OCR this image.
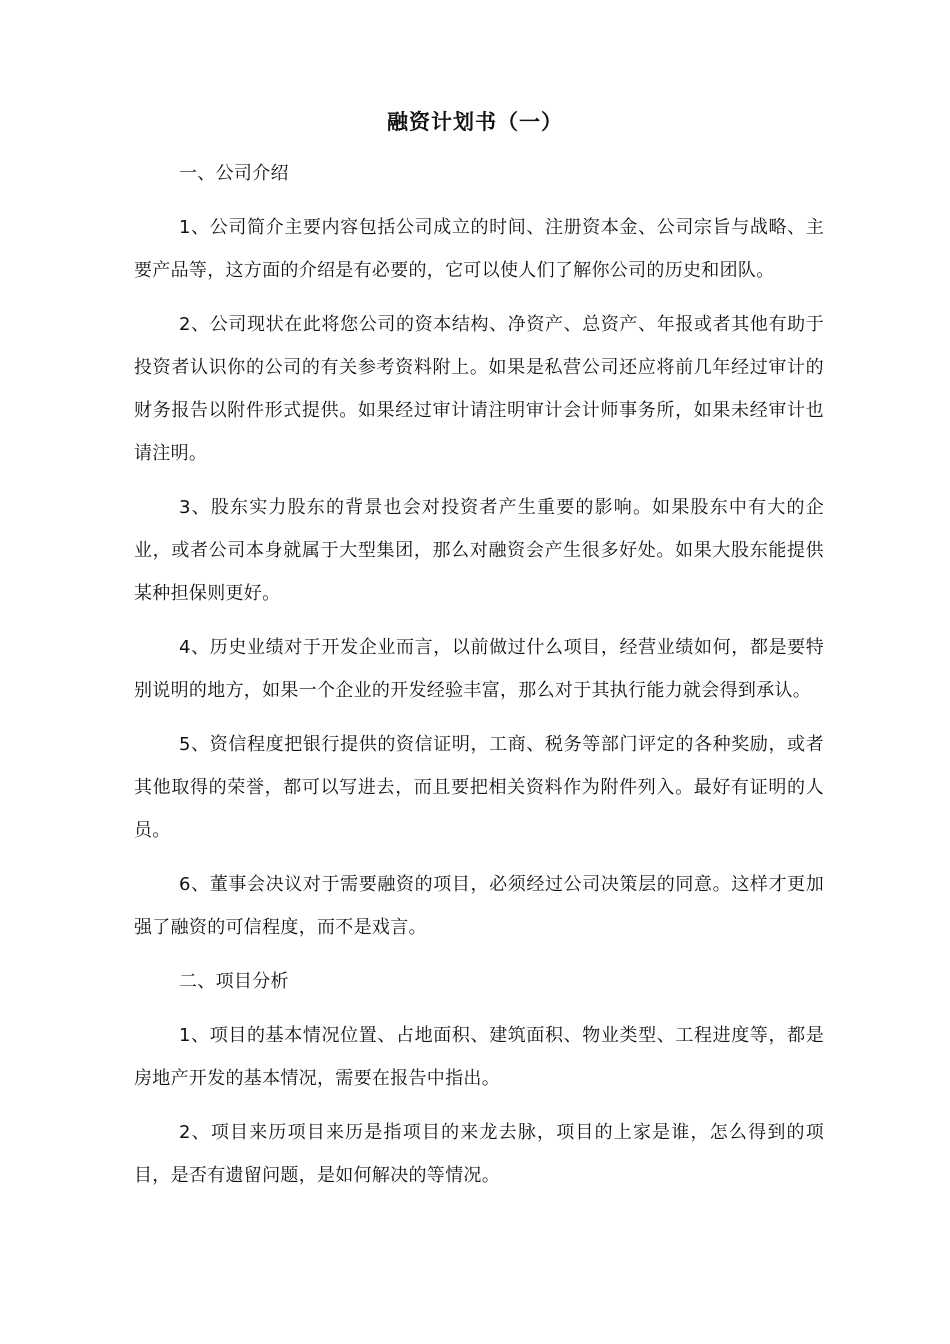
融资计划书（一）

一、公司介绍

1、公司简介主要内容包括公司成立的时间、注册资本金、公司宗旨与战略、主要产品等，这方面的介绍是有必要的，它可以使人们了解你公司的历史和团队。

2、公司现状在此将您公司的资本结构、净资产、总资产、年报或者其他有助于投资者认识你的公司的有关参考资料附上。如果是私营公司还应将前几年经过审计的财务报告以附件形式提供。如果经过审计请注明审计会计师事务所，如果未经审计也请注明。

3、股东实力股东的背景也会对投资者产生重要的影响。如果股东中有大的企业，或者公司本身就属于大型集团，那么对融资会产生很多好处。如果大股东能提供某种担保则更好。

4、历史业绩对于开发企业而言，以前做过什么项目，经营业绩如何，都是要特别说明的地方，如果一个企业的开发经验丰富，那么对于其执行能力就会得到承认。

5、资信程度把银行提供的资信证明，工商、税务等部门评定的各种奖励，或者其他取得的荣誉，都可以写进去，而且要把相关资料作为附件列入。最好有证明的人员。

6、董事会决议对于需要融资的项目，必须经过公司决策层的同意。这样才更加强了融资的可信程度，而不是戏言。

二、项目分析

1、项目的基本情况位置、占地面积、建筑面积、物业类型、工程进度等，都是房地产开发的基本情况，需要在报告中指出。

2、项目来历项目来历是指项目的来龙去脉，项目的上家是谁，怎么得到的项目，是否有遗留问题，是如何解决的等情况。
